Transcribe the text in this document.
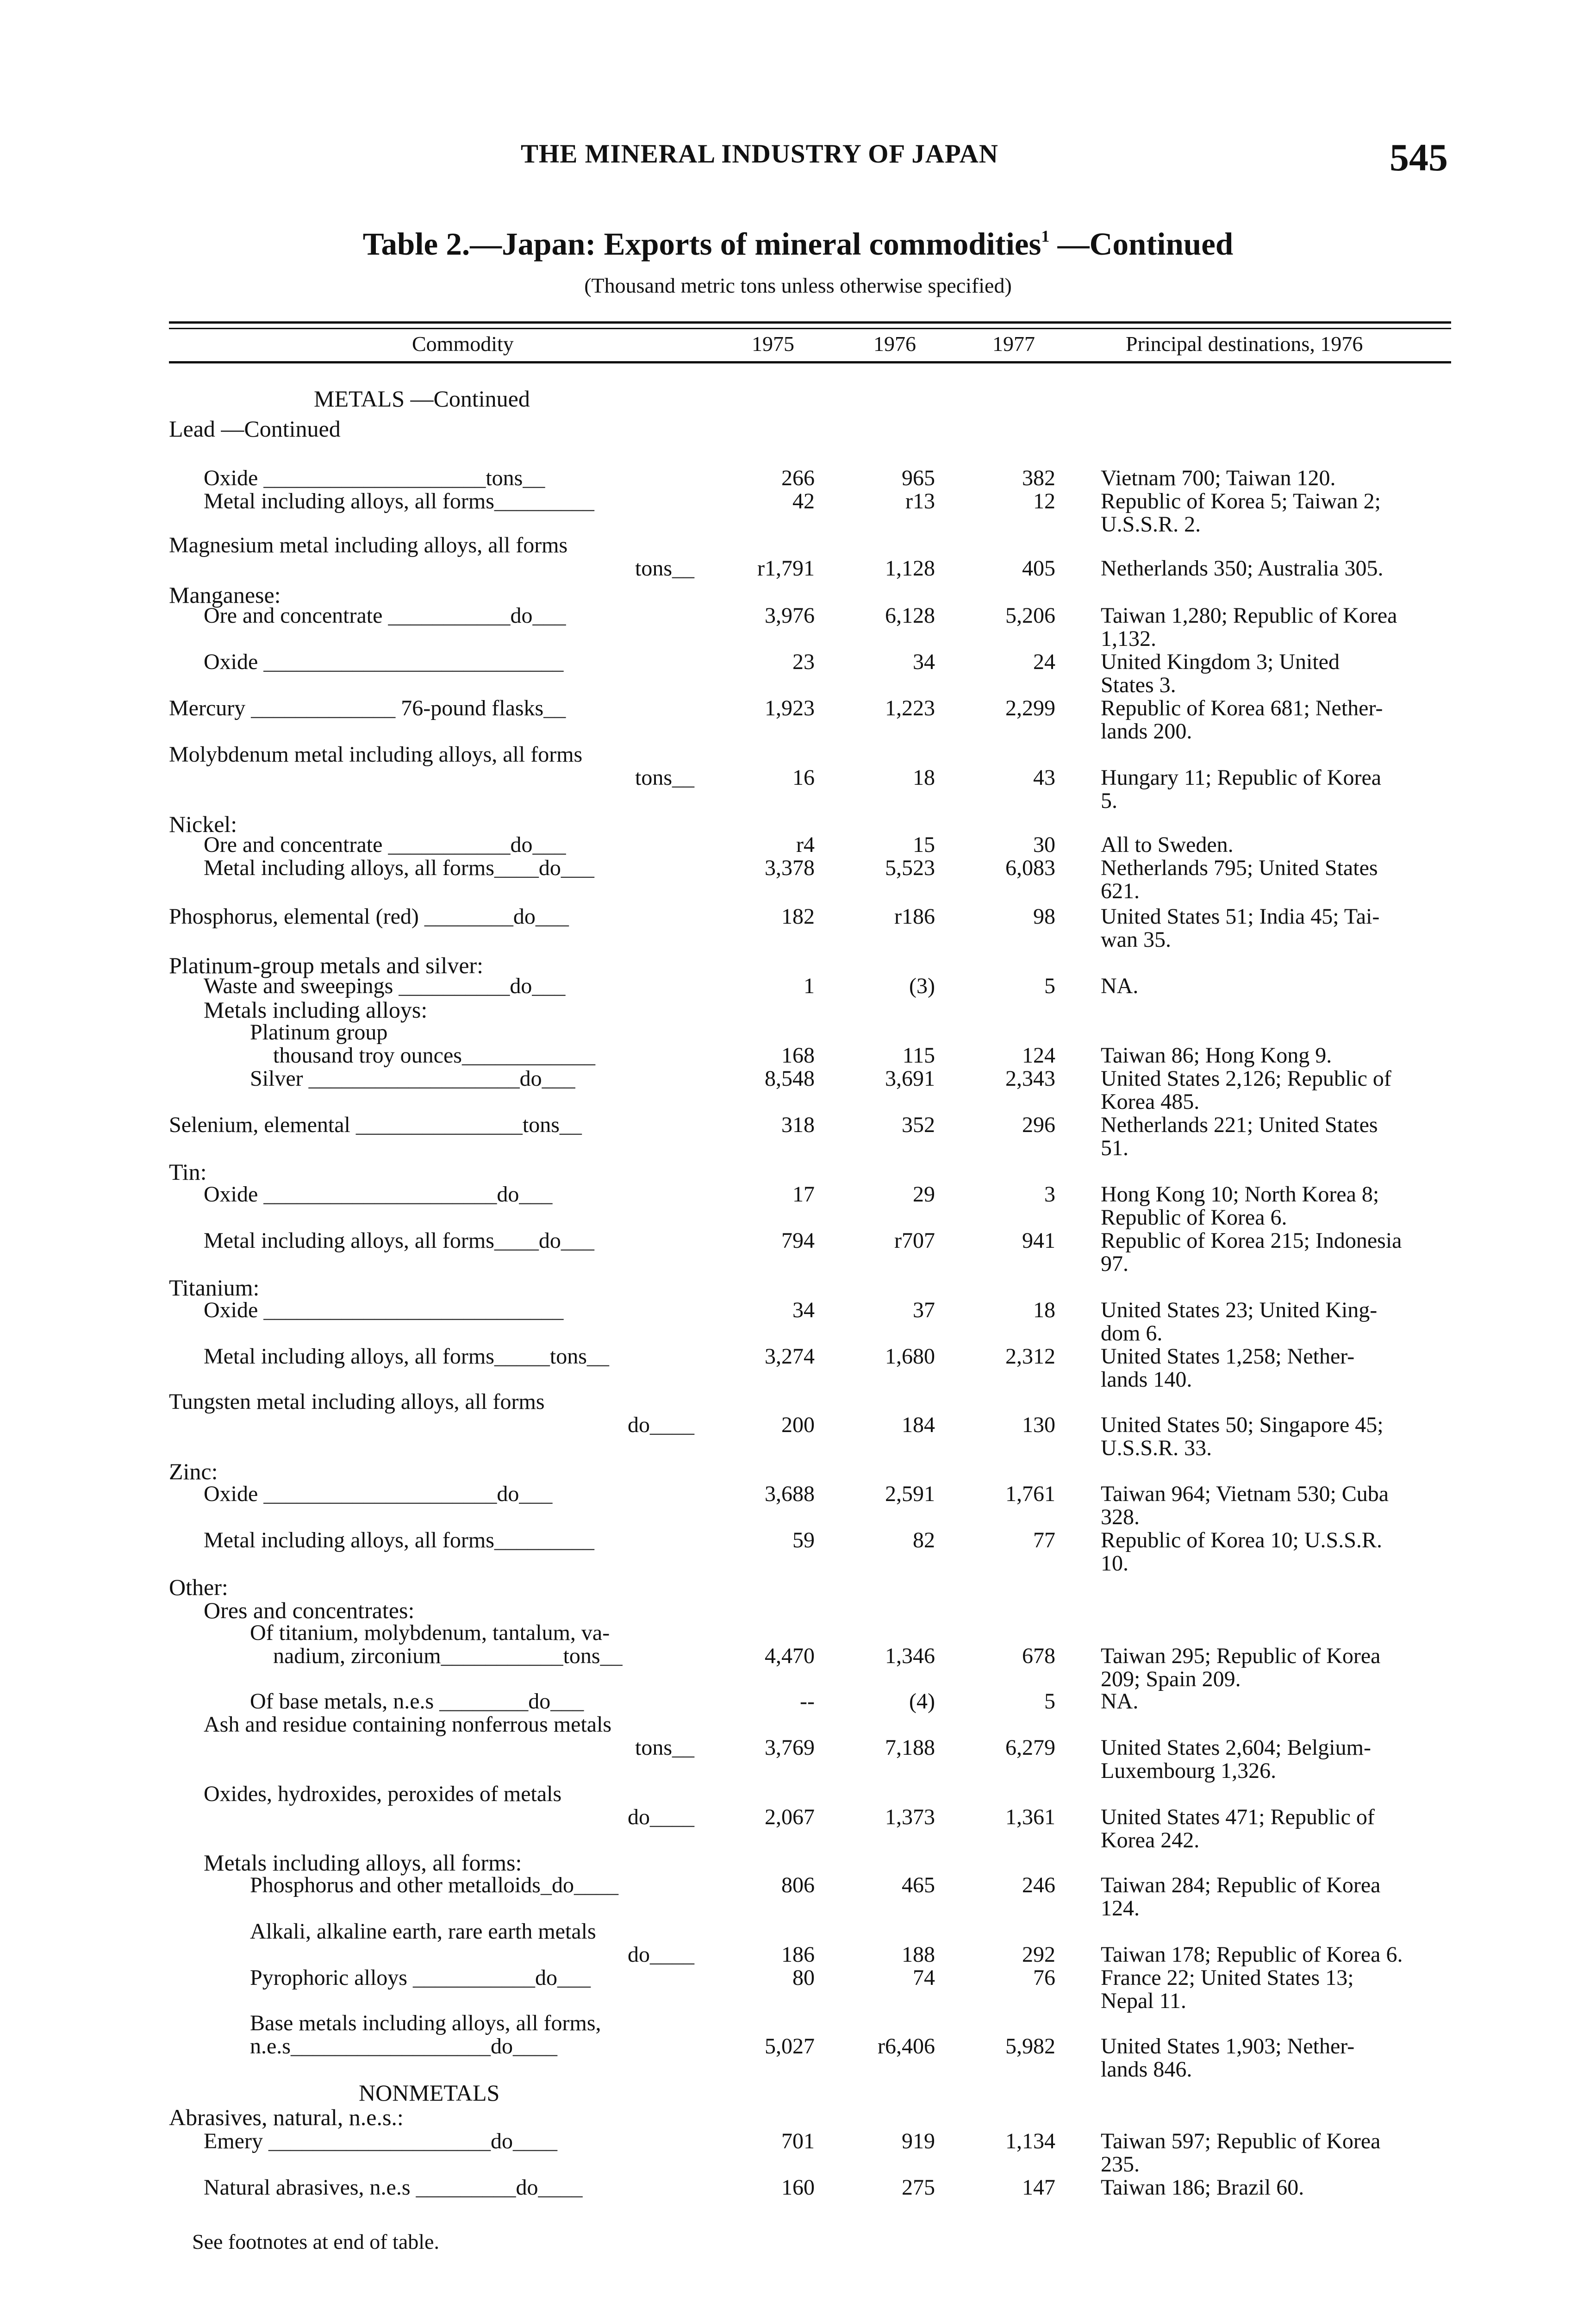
THE MINERAL INDUSTRY OF JAPAN	545
Table 2.—Japan: Exports of mineral commodities$^1$ —Continued
(Thousand metric tons unless otherwise specified)
Commodity	1975	1976	1977	Principal destinations, 1976
METALS —Continued
Lead —Continued
Oxide ____________________tons__	266	965	382 Vietnam 700; Taiwan 120.
Metal including alloys, all forms_________	42	r13	12 Republic of Korea 5; Taiwan 2;
U.S.S.R. 2.
Magnesium metal including alloys, all forms
tons__	r1,791	1,128	405 Netherlands 350; Australia 305.
Manganese:
Ore and concentrate ___________do___	3,976	6,128	5,206 Taiwan 1,280; Republic of Korea
1,132.
Oxide ___________________________	23	34	24 United Kingdom 3; United
States 3.
Mercury _____________ 76-pound flasks__	1,923	1,223	2,299 Republic of Korea 681; Nether-
lands 200.
Molybdenum metal including alloys, all forms
tons__	16	18	43 Hungary 11; Republic of Korea
5.
Nickel:
Ore and concentrate ___________do___	r4	15	30 All to Sweden.
Metal including alloys, all forms____do___	3,378	5,523	6,083 Netherlands 795; United States
621.
Phosphorus, elemental (red) ________do___	182	r186	98 United States 51; India 45; Tai-
wan 35.
Platinum-group metals and silver:
Waste and sweepings __________do___	1	(3)	5 NA.
Metals including alloys:
Platinum group
thousand troy ounces____________	168	115	124 Taiwan 86; Hong Kong 9.
Silver ___________________do___	8,548	3,691	2,343 United States 2,126; Republic of
Korea 485.
Selenium, elemental _______________tons__	318	352	296 Netherlands 221; United States
51.
Tin:
Oxide _____________________do___	17	29	3 Hong Kong 10; North Korea 8;
Republic of Korea 6.
Metal including alloys, all forms____do___	794	r707	941 Republic of Korea 215; Indonesia
97.
Titanium:
Oxide ___________________________	34	37	18 United States 23; United King-
dom 6.
Metal including alloys, all forms_____tons__	3,274	1,680	2,312 United States 1,258; Nether-
lands 140.
Tungsten metal including alloys, all forms
do____	200	184	130 United States 50; Singapore 45;
U.S.S.R. 33.
Zinc:
Oxide _____________________do___	3,688	2,591	1,761 Taiwan 964; Vietnam 530; Cuba
328.
Metal including alloys, all forms_________	59	82	77 Republic of Korea 10; U.S.S.R.
10.
Other:
Ores and concentrates:
Of titanium, molybdenum, tantalum, va-
nadium, zirconium___________tons__	4,470	1,346	678 Taiwan 295; Republic of Korea
209; Spain 209.
Of base metals, n.e.s ________do___	--	(4)	5 NA.
Ash and residue containing nonferrous metals
tons__	3,769	7,188	6,279 United States 2,604; Belgium-
Luxembourg 1,326.
Oxides, hydroxides, peroxides of metals
do____	2,067	1,373	1,361 United States 471; Republic of
Korea 242.
Metals including alloys, all forms:
Phosphorus and other metalloids_do____	806	465	246 Taiwan 284; Republic of Korea
124.
Alkali, alkaline earth, rare earth metals
do____	186	188	292 Taiwan 178; Republic of Korea 6.
Pyrophoric alloys ___________do___	80	74	76 France 22; United States 13;
Nepal 11.
Base metals including alloys, all forms,
n.e.s__________________do____	5,027	r6,406	5,982 United States 1,903; Nether-
lands 846.
NONMETALS
Abrasives, natural, n.e.s.:
Emery ____________________do____	701	919	1,134 Taiwan 597; Republic of Korea
235.
Natural abrasives, n.e.s _________do____	160	275	147 Taiwan 186; Brazil 60.
See footnotes at end of table.
